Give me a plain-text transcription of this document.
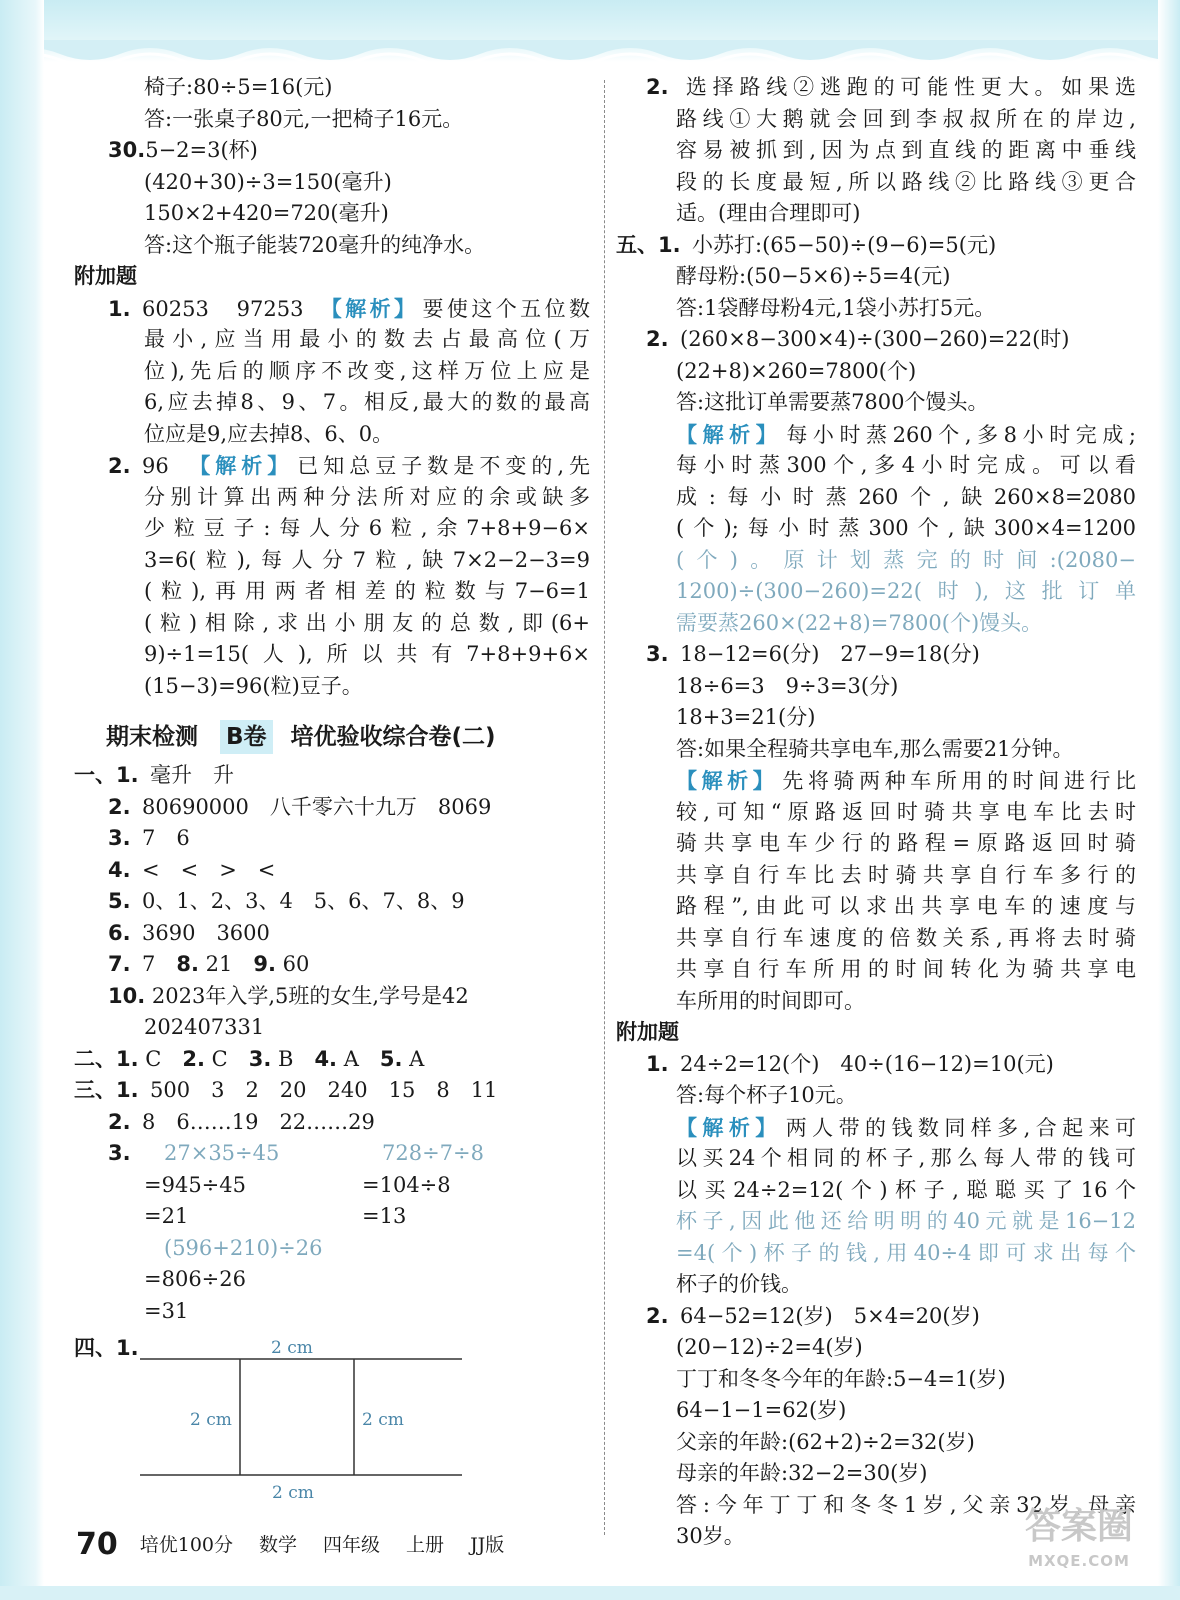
椅子:80÷5=16(元)
答:一张桌子80元,一把椅子16元。
30.5−2=3(杯)
(420+30)÷3=150(毫升)
150×2+420=720(毫升)
答:这个瓶子能装720毫升的纯净水。
附加题
1. 60253　97253　 【解析】 要使这个五位数
最小,应当用最小的数去占最高位(万
位),先后的顺序不改变,这样万位上应是
6,应去掉8、9、7。相反,最大的数的最高
位应是9,应去掉8、6、0。
2. 96　 【解析】 已知总豆子数是不变的,先
分别计算出两种分法所对应的余或缺多
少粒豆子:每人分6粒,余7+8+9−6×
3=6(粒),每人分7粒,缺7×2−2−3=9
(粒),再用两者相差的粒数与7−6=1
(粒)相除,求出小朋友的总数,即(6+
9)÷1=15(人),所以共有7+8+9+6×
(15−3)=96(粒)豆子。
期末检测 B卷 培优验收综合卷(二)
一、1. 毫升　升
2. 80690000　八千零六十九万　8069
3. 7　6
4. <　<　>　<
5. 0、1、2、3、4　5、6、7、8、9
6. 3690　3600
7. 7　 8. 21　 9. 60
10. 2023年入学,5班的女生,学号是42
202407331
二、1. C　 2. C　 3. B　 4. A　 5. A
三、1. 500　3　2　20　240　15　8　11
2. 8　6……19　22……29
3. 27×35÷45	728÷7÷8
=945÷45	=104÷8
=21	=13
(596+210)÷26
=806÷26
=31
四、1.	2 cm
2 cm	2 cm
2 cm
2. 选择路线②逃跑的可能性更大。如果选
路线①大鹅就会回到李叔叔所在的岸边,
容易被抓到,因为点到直线的距离中垂线
段的长度最短,所以路线②比路线③更合
适。(理由合理即可)
五、1. 小苏打:(65−50)÷(9−6)=5(元)
酵母粉:(50−5×6)÷5=4(元)
答:1袋酵母粉4元,1袋小苏打5元。
2. (260×8−300×4)÷(300−260)=22(时)
(22+8)×260=7800(个)
答:这批订单需要蒸7800个馒头。
【解析】 每小时蒸260个,多8小时完成;
每小时蒸300个,多4小时完成。可以看
成:每小时蒸260个,缺260×8=2080
(个);每小时蒸300个,缺300×4=1200
(个)。原计划蒸完的时间:(2080−
1200)÷(300−260)=22(时),这批订单
需要蒸260×(22+8)=7800(个)馒头。
3. 18−12=6(分)　27−9=18(分)
18÷6=3　9÷3=3(分)
18+3=21(分)
答:如果全程骑共享电车,那么需要21分钟。
【解析】 先将骑两种车所用的时间进行比
较,可知“原路返回时骑共享电车比去时
骑共享电车少行的路程=原路返回时骑
共享自行车比去时骑共享自行车多行的
路程”,由此可以求出共享电车的速度与
共享自行车速度的倍数关系,再将去时骑
共享自行车所用的时间转化为骑共享电
车所用的时间即可。
附加题
1. 24÷2=12(个)　40÷(16−12)=10(元)
答:每个杯子10元。
【解析】 两人带的钱数同样多,合起来可
以买24个相同的杯子,那么每人带的钱可
以买24÷2=12(个)杯子,聪聪买了16个
杯子,因此他还给明明的40元就是16−12
=4(个)杯子的钱,用40÷4即可求出每个
杯子的价钱。
2. 64−52=12(岁)　5×4=20(岁)
(20−12)÷2=4(岁)
丁丁和冬冬今年的年龄:5−4=1(岁)
64−1−1=62(岁)
父亲的年龄:(62+2)÷2=32(岁)
母亲的年龄:32−2=30(岁)
答:今年丁丁和冬冬1岁,父亲32岁,母亲
30岁。
70 培优100分 数学 四年级 上册 JJ版	答案圈
MXQE.COM
